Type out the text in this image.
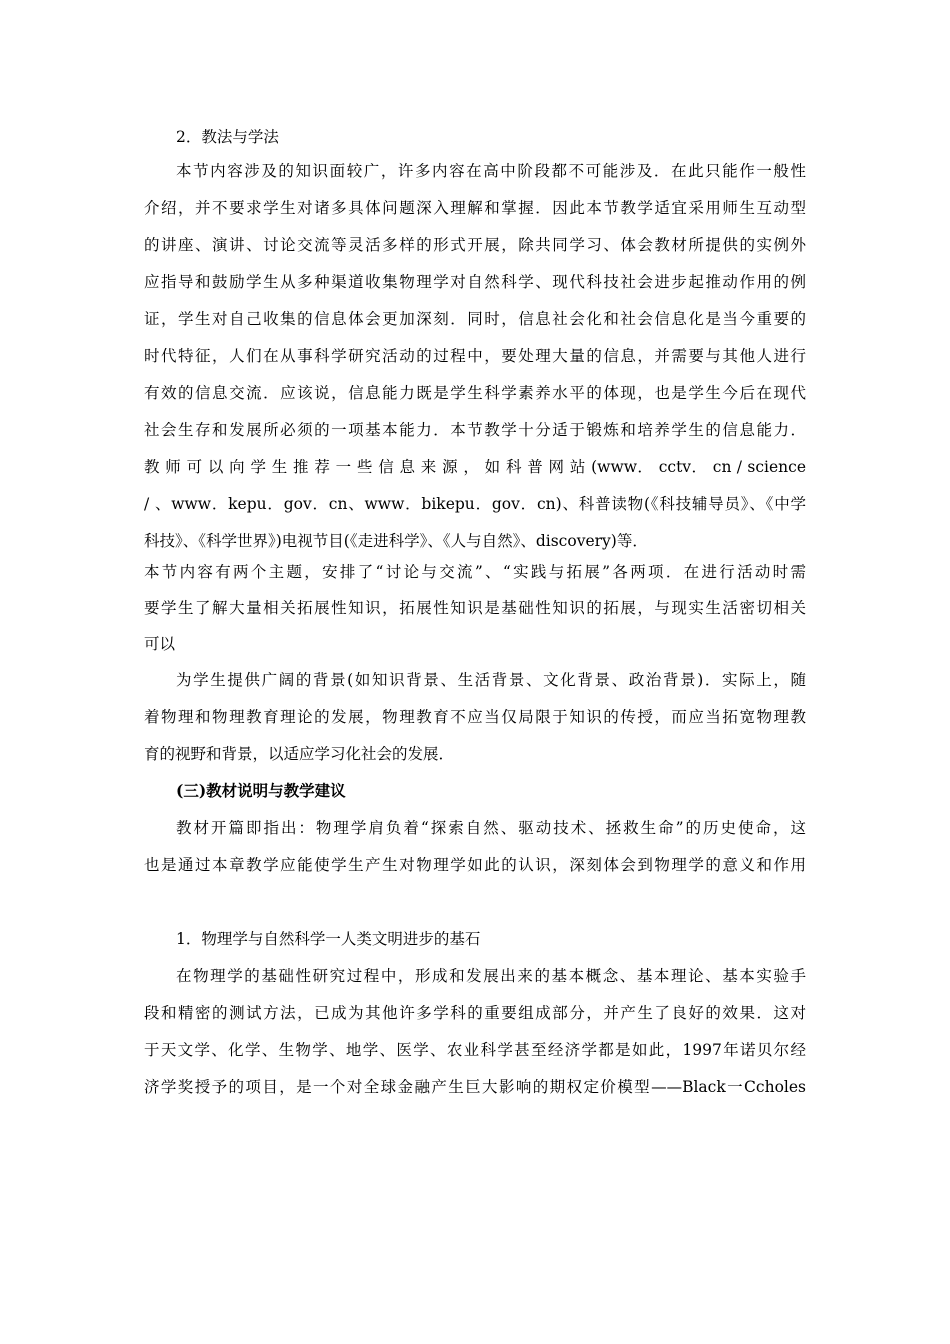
2．教法与学法
本节内容涉及的知识面较广，许多内容在高中阶段都不可能涉及．在此只能作一般性
介绍，并不要求学生对诸多具体问题深入理解和掌握．因此本节教学适宜采用师生互动型
的讲座、演讲、讨论交流等灵活多样的形式开展，除共同学习、体会教材所提供的实例外
应指导和鼓励学生从多种渠道收集物理学对自然科学、现代科技社会进步起推动作用的例
证，学生对自己收集的信息体会更加深刻．同时，信息社会化和社会信息化是当今重要的
时代特征，人们在从事科学研究活动的过程中，要处理大量的信息，并需要与其他人进行
有效的信息交流．应该说，信息能力既是学生科学素养水平的体现，也是学生今后在现代
社会生存和发展所必须的一项基本能力．本节教学十分适于锻炼和培养学生的信息能力．
教 师 可 以 向 学 生 推 荐 一 些 信 息 来 源 ， 如 科 普 网 站 (www． cctv． cn / science
/ 、www．kepu．gov．cn、www．bikepu．gov．cn)、科普读物(《科技辅导员》、《中学
科技》、《科学世界》)电视节目(《走进科学》、《人与自然》、discovery)等．
本节内容有两个主题，安排了“讨论与交流”、“实践与拓展”各两项．在进行活动时需
要学生了解大量相关拓展性知识，拓展性知识是基础性知识的拓展，与现实生活密切相关
可以
为学生提供广阔的背景(如知识背景、生活背景、文化背景、政治背景)．实际上，随
着物理和物理教育理论的发展，物理教育不应当仅局限于知识的传授，而应当拓宽物理教
育的视野和背景，以适应学习化社会的发展．
(三)教材说明与教学建议
教材开篇即指出：物理学肩负着“探索自然、驱动技术、拯救生命”的历史使命，这
也是通过本章教学应能使学生产生对物理学如此的认识，深刻体会到物理学的意义和作用
1．物理学与自然科学一人类文明进步的基石
在物理学的基础性研究过程中，形成和发展出来的基本概念、基本理论、基本实验手
段和精密的测试方法，已成为其他许多学科的重要组成部分，并产生了良好的效果．这对
于天文学、化学、生物学、地学、医学、农业科学甚至经济学都是如此，1997年诺贝尔经
济学奖授予的项目，是一个对全球金融产生巨大影响的期权定价模型——Black一Ccholes
